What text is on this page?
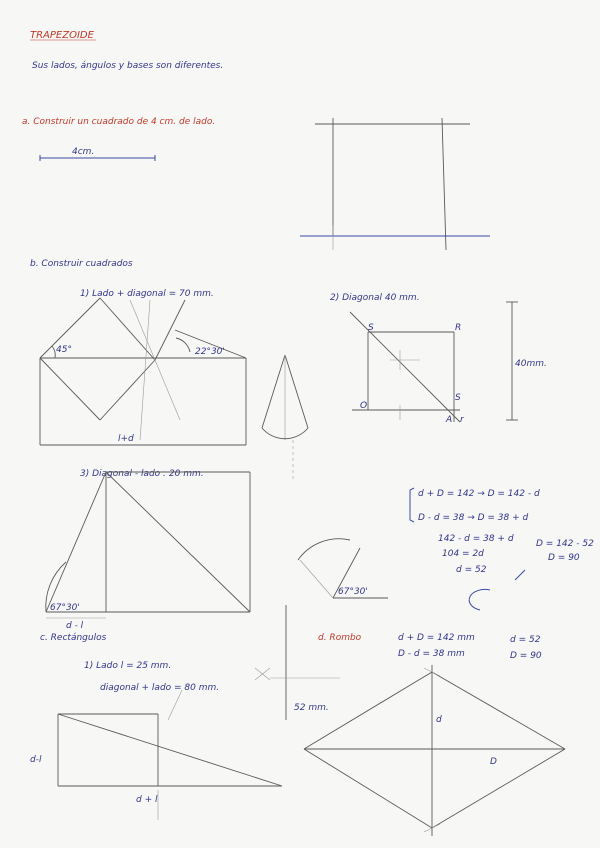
TRAPEZOIDE
Sus lados, ángulos y bases son diferentes.
a. Construir un cuadrado de 4 cm. de lado.
4cm.
b. Construir cuadrados
1) Lado + diagonal = 70 mm.
45°	22°30'
l+d
2) Diagonal 40 mm.
S	R
O
S
A r
40mm.
3) Diagonal - lado : 20 mm.
67°30'
d - l
67°30'
d + D = 142 → D = 142 - d
D - d = 38 → D = 38 + d
142 - d = 38 + d
104 = 2d
d = 52
D = 142 - 52
D = 90
c. Rectángulos
1) Lado l = 25 mm.
diagonal + lado = 80 mm.
d-l
d + l
d. Rombo	d + D = 142 mm
D - d = 38 mm
d = 52
D = 90
52 mm.
d
D
